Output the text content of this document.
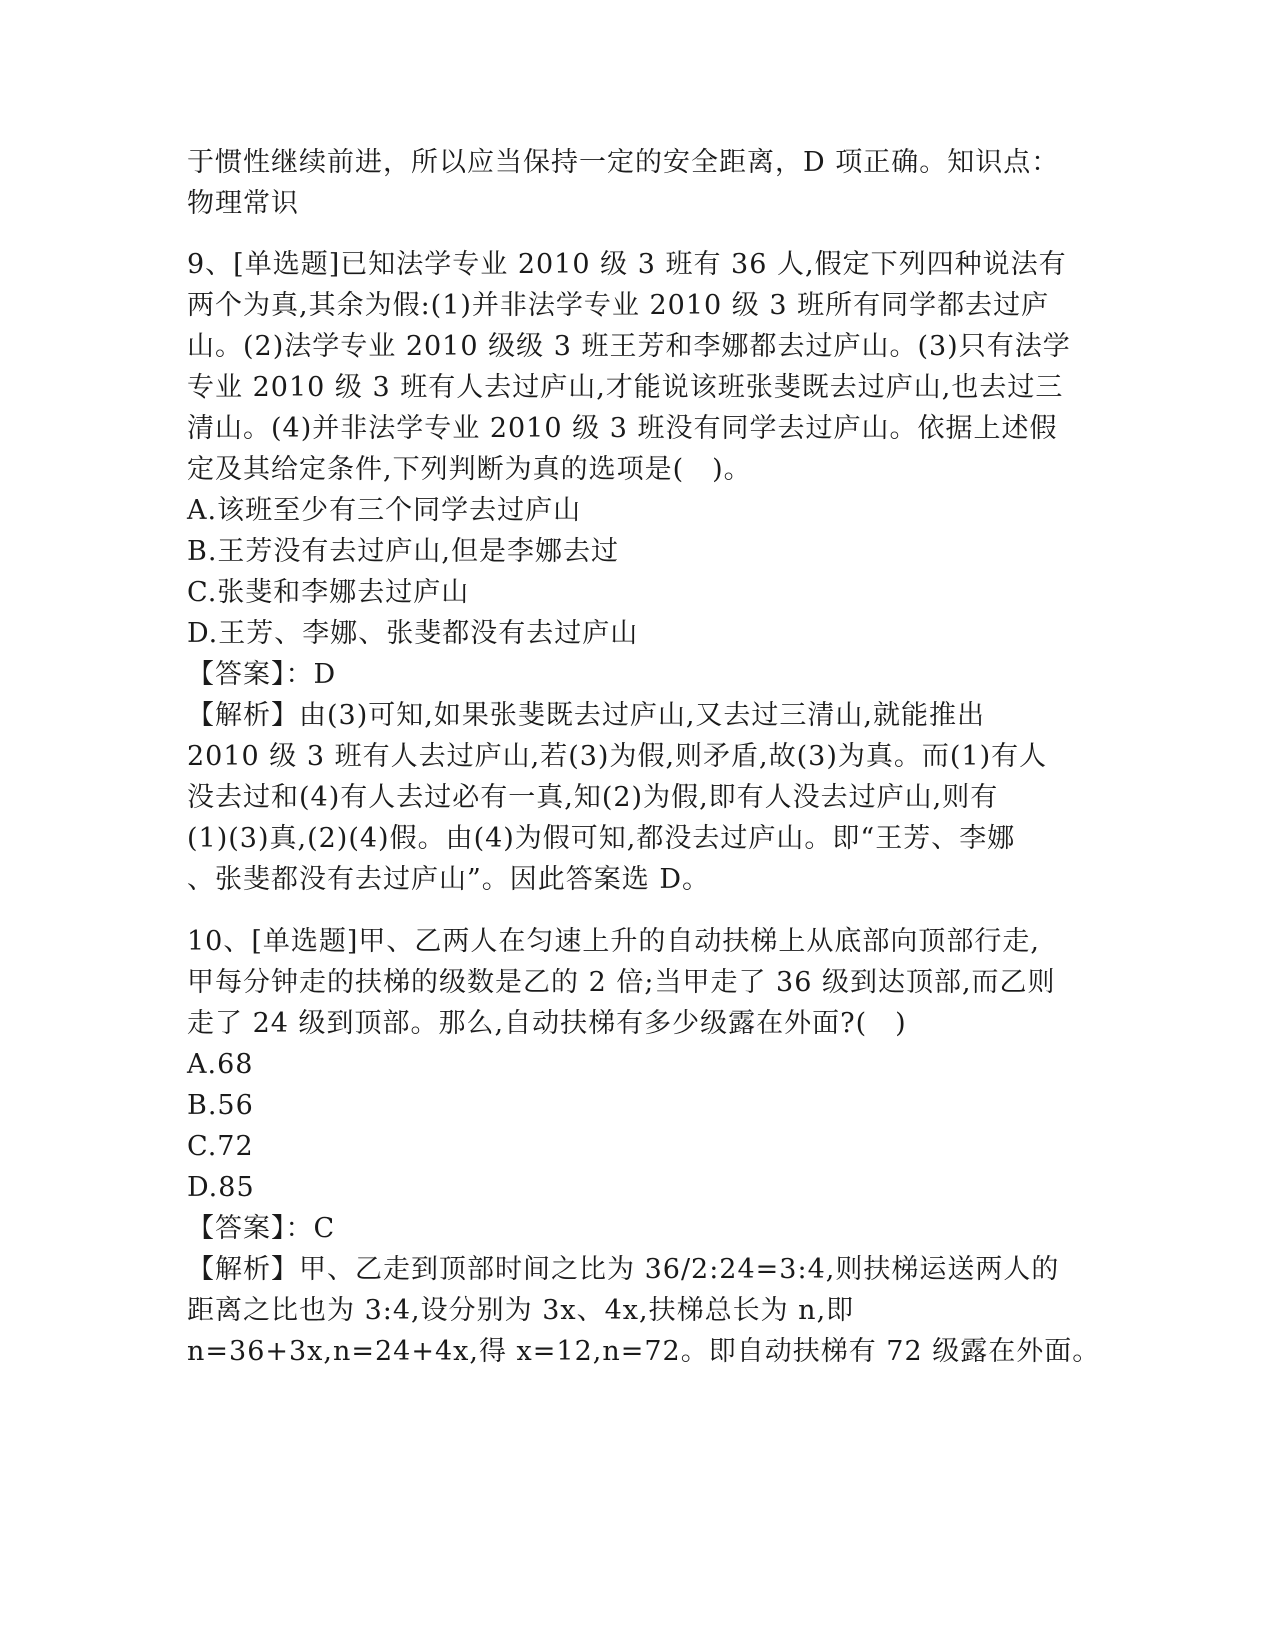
于惯性继续前进，所以应当保持一定的安全距离，D 项正确。知识点：
物理常识
9、[单选题]已知法学专业 2010 级 3 班有 36 人,假定下列四种说法有
两个为真,其余为假:(1)并非法学专业 2010 级 3 班所有同学都去过庐
山。(2)法学专业 2010 级级 3 班王芳和李娜都去过庐山。(3)只有法学
专业 2010 级 3 班有人去过庐山,才能说该班张斐既去过庐山,也去过三
清山。(4)并非法学专业 2010 级 3 班没有同学去过庐山。依据上述假
定及其给定条件,下列判断为真的选项是(　)。
A.该班至少有三个同学去过庐山
B.王芳没有去过庐山,但是李娜去过
C.张斐和李娜去过庐山
D.王芳、李娜、张斐都没有去过庐山
【答案】：D
【解析】由(3)可知,如果张斐既去过庐山,又去过三清山,就能推出
2010 级 3 班有人去过庐山,若(3)为假,则矛盾,故(3)为真。而(1)有人
没去过和(4)有人去过必有一真,知(2)为假,即有人没去过庐山,则有
(1)(3)真,(2)(4)假。由(4)为假可知,都没去过庐山。即“王芳、李娜
、张斐都没有去过庐山”。因此答案选 D。
10、[单选题]甲、乙两人在匀速上升的自动扶梯上从底部向顶部行走,
甲每分钟走的扶梯的级数是乙的 2 倍;当甲走了 36 级到达顶部,而乙则
走了 24 级到顶部。那么,自动扶梯有多少级露在外面?(　)
A.68
B.56
C.72
D.85
【答案】：C
【解析】甲、乙走到顶部时间之比为 36/2:24=3:4,则扶梯运送两人的
距离之比也为 3:4,设分别为 3x、4x,扶梯总长为 n,即
n=36+3x,n=24+4x,得 x=12,n=72。即自动扶梯有 72 级露在外面。
